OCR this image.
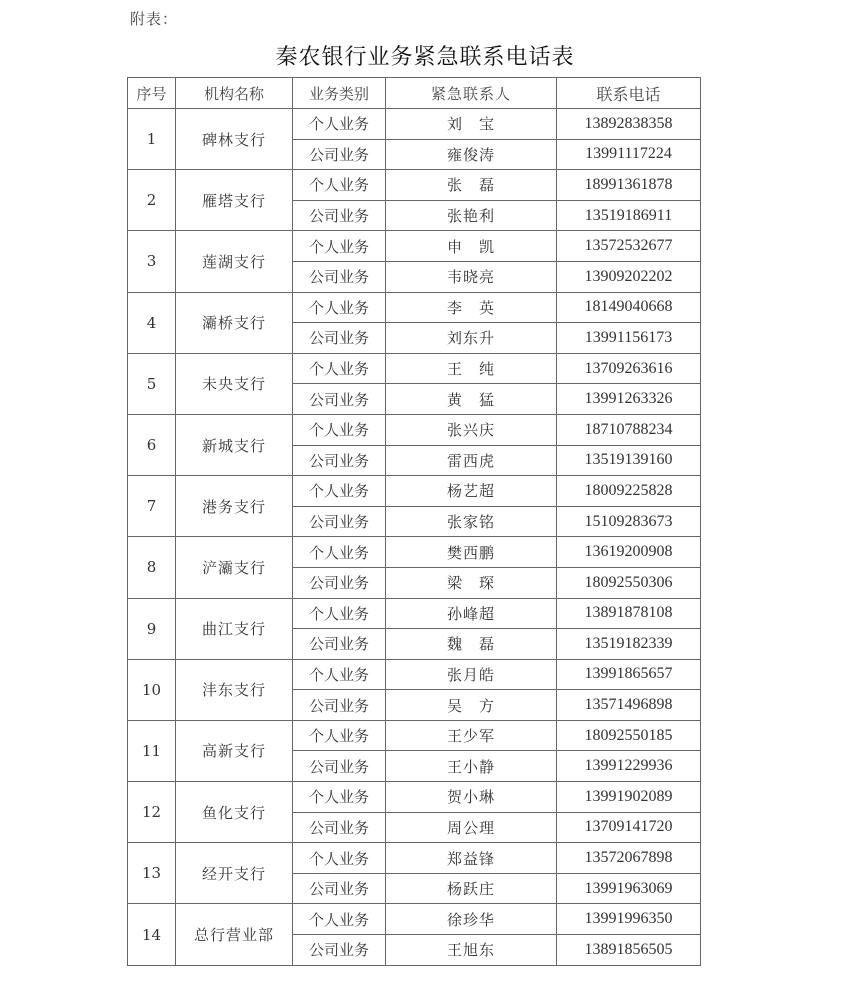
附表：
秦农银行业务紧急联系电话表
序号	机构名称	业务类别	紧急联系人	联系电话
1	碑林支行	个人业务	刘　宝	13892838358
		公司业务	雍俊涛	13991117224
2	雁塔支行	个人业务	张　磊	18991361878
		公司业务	张艳利	13519186911
3	莲湖支行	个人业务	申　凯	13572532677
		公司业务	韦晓亮	13909202202
4	灞桥支行	个人业务	李　英	18149040668
		公司业务	刘东升	13991156173
5	未央支行	个人业务	王　纯	13709263616
		公司业务	黄　猛	13991263326
6	新城支行	个人业务	张兴庆	18710788234
		公司业务	雷西虎	13519139160
7	港务支行	个人业务	杨艺超	18009225828
		公司业务	张家铭	15109283673
8	浐灞支行	个人业务	樊西鹏	13619200908
		公司业务	梁　琛	18092550306
9	曲江支行	个人业务	孙峰超	13891878108
		公司业务	魏　磊	13519182339
10	沣东支行	个人业务	张月皓	13991865657
		公司业务	吴　方	13571496898
11	高新支行	个人业务	王少军	18092550185
		公司业务	王小静	13991229936
12	鱼化支行	个人业务	贺小琳	13991902089
		公司业务	周公理	13709141720
13	经开支行	个人业务	郑益锋	13572067898
		公司业务	杨跃庄	13991963069
14	总行营业部	个人业务	徐珍华	13991996350
		公司业务	王旭东	13891856505
